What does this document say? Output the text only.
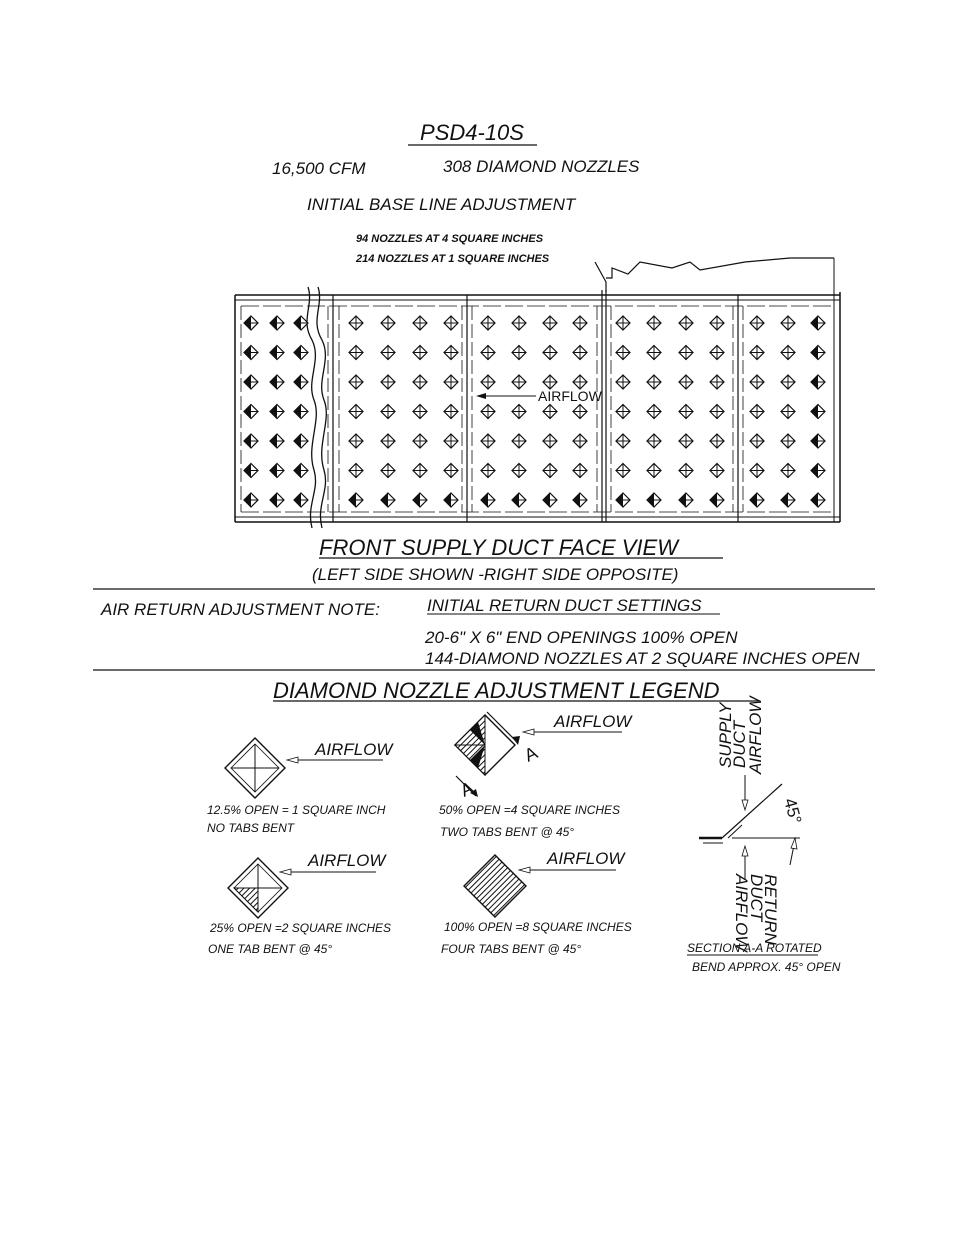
PSD4-10S
16,500 CFM	308 DIAMOND NOZZLES
INITIAL BASE LINE ADJUSTMENT
94 NOZZLES AT 4 SQUARE INCHES
214 NOZZLES AT 1 SQUARE INCHES
AIRFLOW
FRONT SUPPLY DUCT FACE VIEW
(LEFT SIDE SHOWN -RIGHT SIDE OPPOSITE)
AIR RETURN ADJUSTMENT NOTE:	INITIAL RETURN DUCT SETTINGS
20-6" X 6" END OPENINGS 100% OPEN
144-DIAMOND NOZZLES AT 2 SQUARE INCHES OPEN
DIAMOND NOZZLE ADJUSTMENT LEGEND
AIRFLOW
12.5% OPEN = 1 SQUARE INCH
NO TABS BENT
A
A
AIRFLOW
50% OPEN =4 SQUARE INCHES
TWO TABS BENT @ 45°
AIRFLOW
25% OPEN =2 SQUARE INCHES
ONE TAB BENT @ 45°
AIRFLOW
100% OPEN =8 SQUARE INCHES
FOUR TABS BENT @ 45°
SUPPLY
DUCT
AIRFLOW
45°
RETURN
DUCT
AIRFLOW
SECTION A-A ROTATED
BEND APPROX. 45° OPEN
